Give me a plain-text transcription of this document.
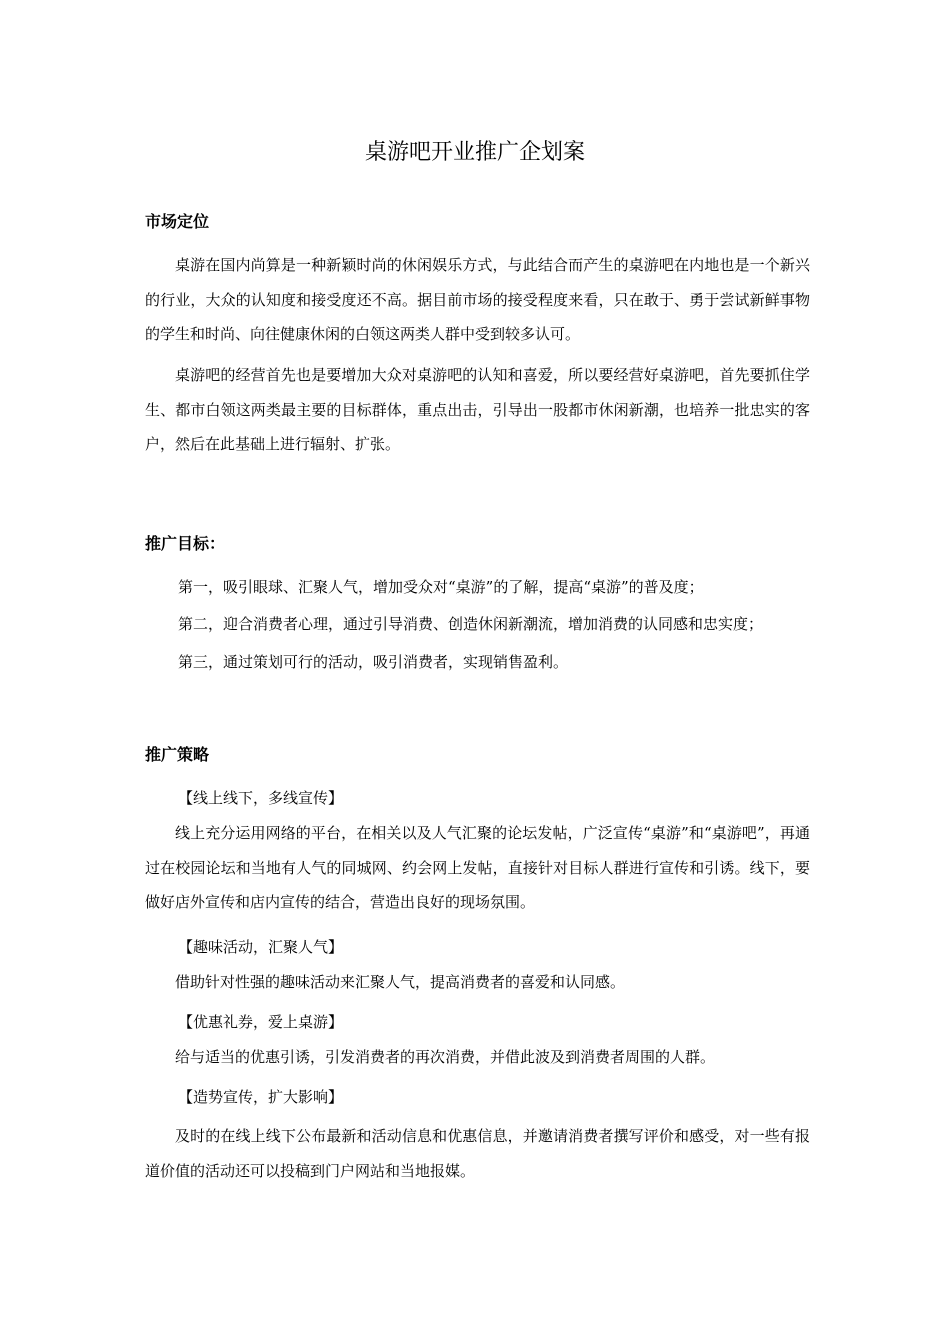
桌游吧开业推广企划案
市场定位
桌游在国内尚算是一种新颖时尚的休闲娱乐方式，与此结合而产生的桌游吧在内地也是一个新兴的行业，大众的认知度和接受度还不高。据目前市场的接受程度来看，只在敢于、勇于尝试新鲜事物的学生和时尚、向往健康休闲的白领这两类人群中受到较多认可。
桌游吧的经营首先也是要增加大众对桌游吧的认知和喜爱，所以要经营好桌游吧，首先要抓住学生、都市白领这两类最主要的目标群体，重点出击，引导出一股都市休闲新潮，也培养一批忠实的客户，然后在此基础上进行辐射、扩张。
推广目标：
第一，吸引眼球、汇聚人气，增加受众对“桌游”的了解，提高“桌游”的普及度；
第二，迎合消费者心理，通过引导消费、创造休闲新潮流，增加消费的认同感和忠实度；
第三，通过策划可行的活动，吸引消费者，实现销售盈利。
推广策略
【线上线下，多线宣传】
线上充分运用网络的平台，在相关以及人气汇聚的论坛发帖，广泛宣传“桌游”和“桌游吧”，再通过在校园论坛和当地有人气的同城网、约会网上发帖，直接针对目标人群进行宣传和引诱。线下，要做好店外宣传和店内宣传的结合，营造出良好的现场氛围。
【趣味活动，汇聚人气】
借助针对性强的趣味活动来汇聚人气，提高消费者的喜爱和认同感。
【优惠礼券，爱上桌游】
给与适当的优惠引诱，引发消费者的再次消费，并借此波及到消费者周围的人群。
【造势宣传，扩大影响】
及时的在线上线下公布最新和活动信息和优惠信息，并邀请消费者撰写评价和感受，对一些有报道价值的活动还可以投稿到门户网站和当地报媒。
